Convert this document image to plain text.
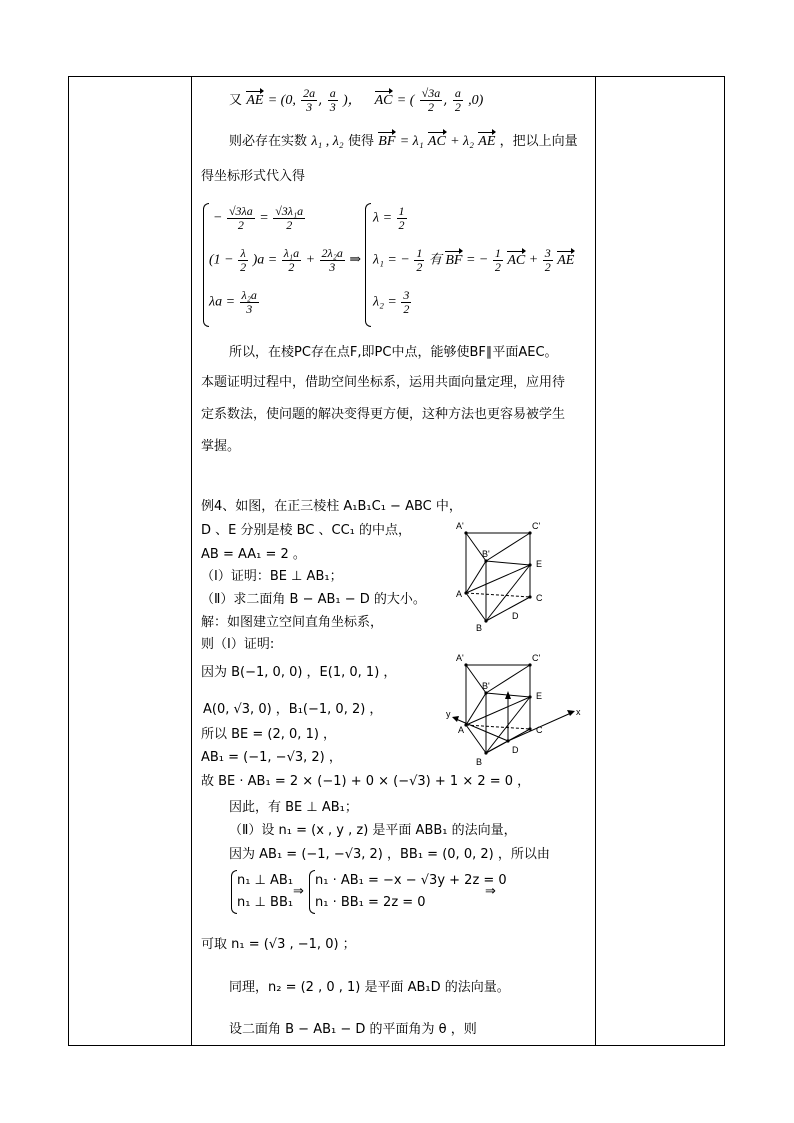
又 AE = (0, $\frac{2a}{3}$ , $\frac{a}{3}$ )， AC = ( $\frac{√3a}{2}$ , $\frac{a}{2} ,0$)
则必存在实数 λ₁ , λ₂ 使得 BF = λ₁ AC + λ₂ AE ，把以上向量
得坐标形式代入得
− $\frac{√3\lambda a}{2} = \frac{\text{√3λ₁a}}{2}$
$(1 - \frac{\lambda}{2} )a = \frac{\text{λ₁a}}{2} + \frac{\text{2λ₂a}}{3}$ ⇒
$\lambda a = \frac{\text{λ₂a}}{3}$
$\lambda = \frac{1}{2}$
λ₁ = − $\frac{1}{2}$ 有 BF = − $\frac{1}{2}$ AC + $\frac{3}{2}$ AE
$\lambda_2 = \frac{3}{2}$
所以，在棱PC存在点F,即PC中点，能够使BF∥平面AEC。
本题证明过程中，借助空间坐标系，运用共面向量定理，应用待
定系数法，使问题的解决变得更方便，这种方法也更容易被学生
掌握。
例4、如图，在正三棱柱 A₁B₁C₁ − ABC 中，
D 、E 分别是棱 BC 、CC₁ 的中点，
AB = AA₁ = 2 。
（Ⅰ）证明：BE ⊥ AB₁；
（Ⅱ）求二面角 B − AB₁ − D 的大小。
解：如图建立空间直角坐标系，
则（Ⅰ）证明:
因为 B(−1, 0, 0) ，E(1, 0, 1) ，
A(0, √3, 0) ，B₁(−1, 0, 2) ，
所以 BE = (2, 0, 1) ，
AB₁ = (−1, −√3, 2) ，
故 BE · AB₁ = 2 × (−1) + 0 × (−√3) + 1 × 2 = 0 ，
因此，有 BE ⊥ AB₁；
（Ⅱ）设 n₁ = (x , y , z) 是平面 ABB₁ 的法向量，
因为 AB₁ = (−1, −√3, 2) ，BB₁ = (0, 0, 2) ，所以由
n₁ ⊥ AB₁
n₁ ⊥ BB₁
⇒
n₁ · AB₁ = −x − √3y + 2z = 0
n₁ · BB₁ = 2z = 0
⇒
可取 n₁ = (√3 , −1, 0) ；
同理，n₂ = (2 , 0 , 1) 是平面 AB₁D 的法向量。
设二面角 B − AB₁ − D 的平面角为 θ ，则
A'	C'
B'
E
A	C
B
D
A'	C'
B'
E
y	x
A	C
B
D
